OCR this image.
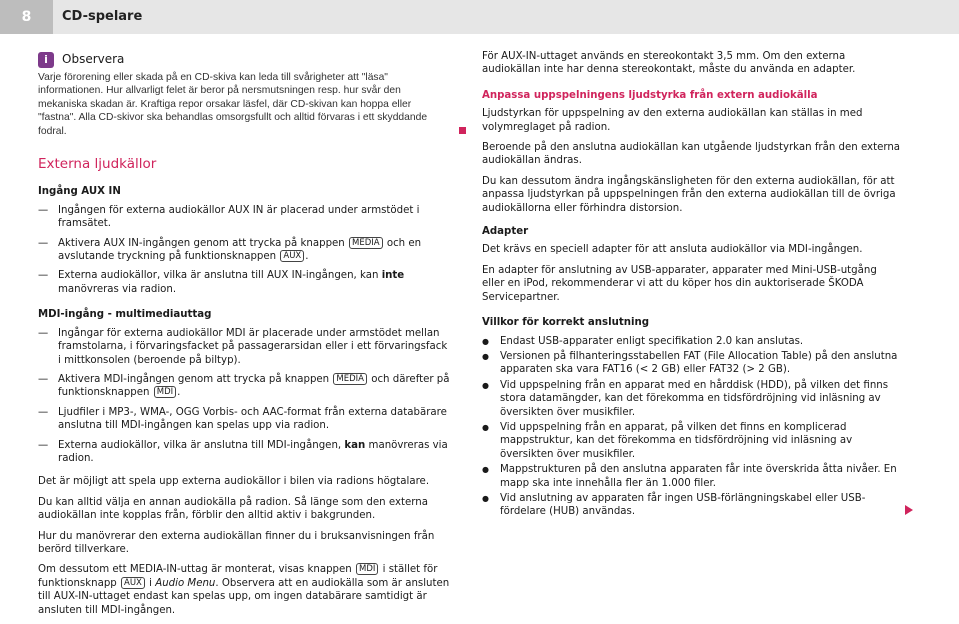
8	CD-spelare
i	Observera

Varje förorening eller skada på en CD-skiva kan leda till svårigheter att "läsa" informationen. Hur allvarligt felet är beror på nersmutsningen resp. hur svår den mekaniska skadan är. Kraftiga repor orsakar läsfel, där CD-skivan kan hoppa eller "fastna". Alla CD-skivor ska behandlas omsorgsfullt och alltid förvaras i ett skyddande fodral.

Externa ljudkällor
Ingång AUX IN
— Ingången för externa audiokällor AUX IN är placerad under armstödet i framsätet.
— Aktivera AUX IN-ingången genom att trycka på knappen MEDIA och en avslutande tryckning på funktionsknappen AUX .
— Externa audiokällor, vilka är anslutna till AUX IN-ingången, kan inte manövreras via radion.
MDI-ingång - multimediauttag
— Ingångar för externa audiokällor MDI är placerade under armstödet mellan framstolarna, i förvaringsfacket på passagerarsidan eller i ett förvaringsfack i mittkonsolen (beroende på biltyp).
— Aktivera MDI-ingången genom att trycka på knappen MEDIA och därefter på funktionsknappen MDI .
— Ljudfiler i MP3-, WMA-, OGG Vorbis- och AAC-format från externa databärare anslutna till MDI-ingången kan spelas upp via radion.
— Externa audiokällor, vilka är anslutna till MDI-ingången, kan manövreras via radion.

Det är möjligt att spela upp externa audiokällor i bilen via radions högtalare.

Du kan alltid välja en annan audiokälla på radion. Så länge som den externa audiokällan inte kopplas från, förblir den alltid aktiv i bakgrunden.

Hur du manövrerar den externa audiokällan finner du i bruksanvisningen från berörd tillverkare.

Om dessutom ett MEDIA-IN-uttag är monterat, visas knappen MDI i stället för funktionsknapp AUX i Audio Menu. Observera att en audiokälla som är ansluten till AUX-IN-uttaget endast kan spelas upp, om ingen databärare samtidigt är ansluten till MDI-ingången.

För AUX-IN-uttaget används en stereokontakt 3,5 mm. Om den externa audiokällan inte har denna stereokontakt, måste du använda en adapter.

Anpassa uppspelningens ljudstyrka från extern audiokälla

Ljudstyrkan för uppspelning av den externa audiokällan kan ställas in med volymreglaget på radion.

Beroende på den anslutna audiokällan kan utgående ljudstyrkan från den externa audiokällan ändras.

Du kan dessutom ändra ingångskänsligheten för den externa audiokällan, för att anpassa ljudstyrkan på uppspelningen från den externa audiokällan till de övriga audiokällorna eller förhindra distorsion.

Adapter

Det krävs en speciell adapter för att ansluta audiokällor via MDI-ingången.

En adapter för anslutning av USB-apparater, apparater med Mini-USB-utgång eller en iPod, rekommenderar vi att du köper hos din auktoriserade ŠKODA Servicepartner.

Villkor för korrekt anslutning
● Endast USB-apparater enligt specifikation 2.0 kan anslutas.
● Versionen på filhanteringsstabellen FAT (File Allocation Table) på den anslutna apparaten ska vara FAT16 (< 2 GB) eller FAT32 (> 2 GB).
● Vid uppspelning från en apparat med en hårddisk (HDD), på vilken det finns stora datamängder, kan det förekomma en tidsfördröjning vid inläsning av översikten över musikfiler.
● Vid uppspelning från en apparat, på vilken det finns en komplicerad mappstruktur, kan det förekomma en tidsfördröjning vid inläsning av översikten över musikfiler.
● Mappstrukturen på den anslutna apparaten får inte överskrida åtta nivåer. En mapp ska inte innehålla fler än 1.000 filer.
● Vid anslutning av apparaten får ingen USB-förlängningskabel eller USB-fördelare (HUB) användas.
